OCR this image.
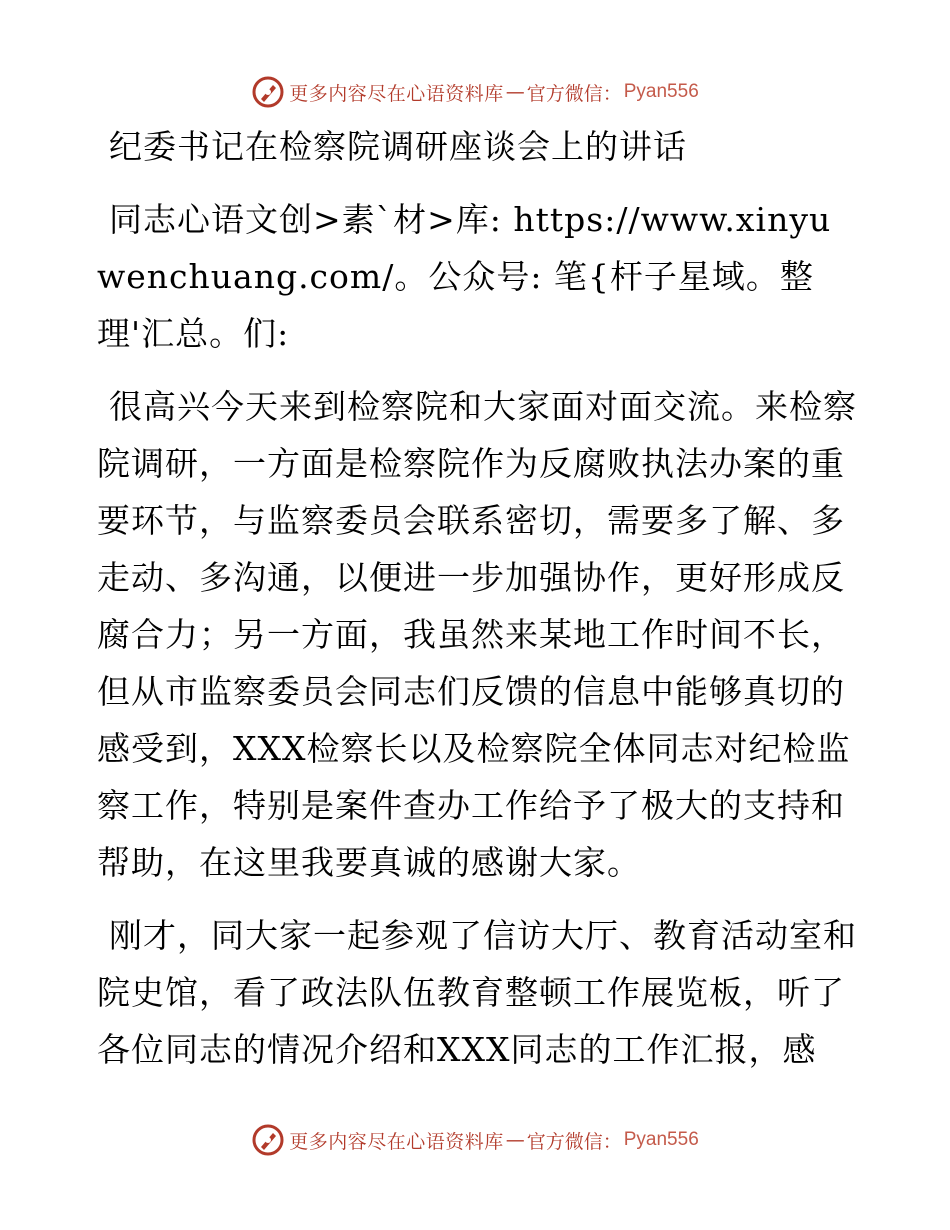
更多内容尽在心语资料库 — 官方微信： Pyan556

纪委书记在检察院调研座谈会上的讲话

同志心语文创>素`材>库: https://www.xinyuwenchuang.com/。公众号: 笔{杆子星域。整理'汇总。们:

很高兴今天来到检察院和大家面对面交流。来检察院调研，一方面是检察院作为反腐败执法办案的重要环节，与监察委员会联系密切，需要多了解、多走动、多沟通，以便进一步加强协作，更好形成反腐合力；另一方面，我虽然来某地工作时间不长，但从市监察委员会同志们反馈的信息中能够真切的感受到，XXX检察长以及检察院全体同志对纪检监察工作，特别是案件查办工作给予了极大的支持和帮助，在这里我要真诚的感谢大家。

刚才，同大家一起参观了信访大厅、教育活动室和院史馆，看了政法队伍教育整顿工作展览板，听了各位同志的情况介绍和XXX同志的工作汇报，感

更多内容尽在心语资料库 — 官方微信： Pyan556
